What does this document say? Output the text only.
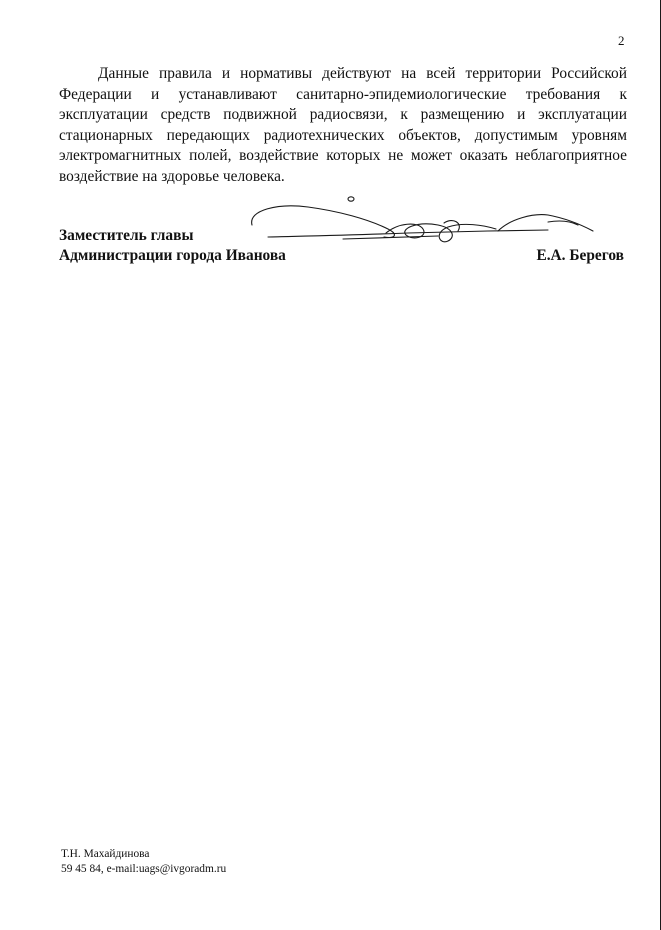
2

Данные правила и нормативы действуют на всей территории Российской Федерации и устанавливают санитарно-эпидемиологические требования к эксплуатации средств подвижной радиосвязи, к размещению и эксплуатации стационарных передающих радиотехнических объектов, допустимым уровням электромагнитных полей, воздействие которых не может оказать неблагоприятное воздействие на здоровье человека.

Заместитель главы
Администрации города Иванова	Е.А. Берегов
Т.Н. Махайдинова
59 45 84, e-mail:uags@ivgoradm.ru
